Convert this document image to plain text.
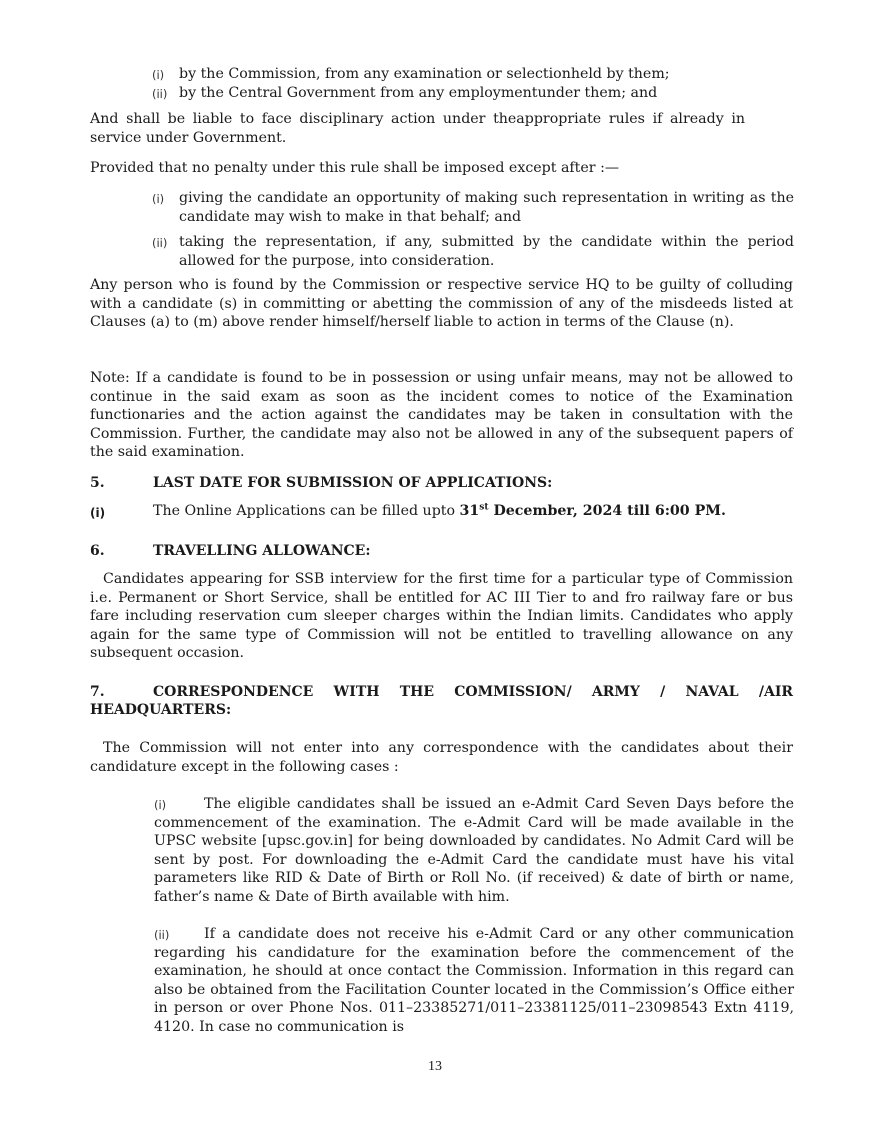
(i) by the Commission, from any examination or selectionheld by them;
(ii) by the Central Government from any employmentunder them; and

And shall be liable to face disciplinary action under theappropriate rules if already in service under Government.

Provided that no penalty under this rule shall be imposed except after :—

(i) giving the candidate an opportunity of making such representation in writing as the candidate may wish to make in that behalf; and
(ii) taking the representation, if any, submitted by the candidate within the period allowed for the purpose, into consideration.

Any person who is found by the Commission or respective service HQ to be guilty of colluding with a candidate (s) in committing or abetting the commission of any of the misdeeds listed at Clauses (a) to (m) above render himself/herself liable to action in terms of the Clause (n).

Note: If a candidate is found to be in possession or using unfair means, may not be allowed to continue in the said exam as soon as the incident comes to notice of the Examination functionaries and the action against the candidates may be taken in consultation with the Commission. Further, the candidate may also not be allowed in any of the subsequent papers of the said examination.

5.	LAST DATE FOR SUBMISSION OF APPLICATIONS:
(i)	The Online Applications can be filled upto 31st December, 2024 till 6:00 PM.
6.	TRAVELLING ALLOWANCE:

Candidates appearing for SSB interview for the first time for a particular type of Commission i.e. Permanent or Short Service, shall be entitled for AC III Tier to and fro railway fare or bus fare including reservation cum sleeper charges within the Indian limits. Candidates who apply again for the same type of Commission will not be entitled to travelling allowance on any subsequent occasion.

7.	CORRESPONDENCE WITH THE COMMISSION/ ARMY / NAVAL /AIR
HEADQUARTERS:

The Commission will not enter into any correspondence with the candidates about their candidature except in the following cases :

(i)	The eligible candidates shall be issued an e-Admit Card Seven Days before the commencement of the examination. The e-Admit Card will be made available in the UPSC website [upsc.gov.in] for being downloaded by candidates. No Admit Card will be sent by post. For downloading the e-Admit Card the candidate must have his vital parameters like RID & Date of Birth or Roll No. (if received) & date of birth or name, father’s name & Date of Birth available with him.
(ii)	If a candidate does not receive his e-Admit Card or any other communication regarding his candidature for the examination before the commencement of the examination, he should at once contact the Commission. Information in this regard can also be obtained from the Facilitation Counter located in the Commission’s Office either in person or over Phone Nos. 011–23385271/011–23381125/011–23098543 Extn 4119, 4120. In case no communication is
13
